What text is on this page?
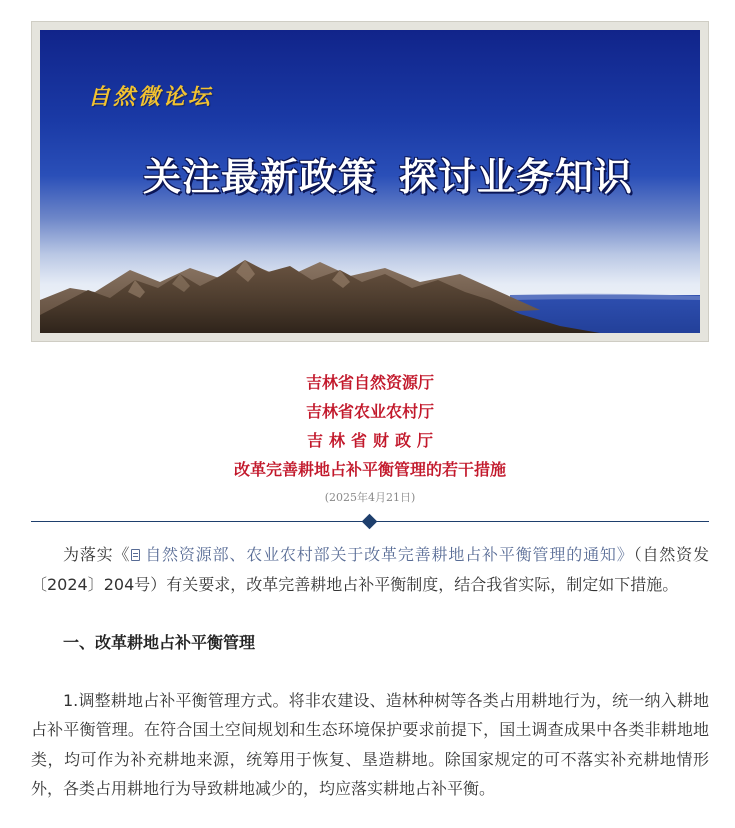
自然微论坛
关注最新政策 探讨业务知识
吉林省自然资源厅
吉林省农业农村厅
吉林省财政厅
改革完善耕地占补平衡管理的若干措施
(2025年4月21日)

为落实《 自然资源部、农业农村部关于改革完善耕地占补平衡管理的通知》（自然资发〔2024〕204号）有关要求，改革完善耕地占补平衡制度，结合我省实际，制定如下措施。

一、改革耕地占补平衡管理

1.调整耕地占补平衡管理方式。将非农建设、造林种树等各类占用耕地行为，统一纳入耕地占补平衡管理。在符合国土空间规划和生态环境保护要求前提下，国土调查成果中各类非耕地地类，均可作为补充耕地来源，统筹用于恢复、垦造耕地。除国家规定的可不落实补充耕地情形外，各类占用耕地行为导致耕地减少的，均应落实耕地占补平衡。
